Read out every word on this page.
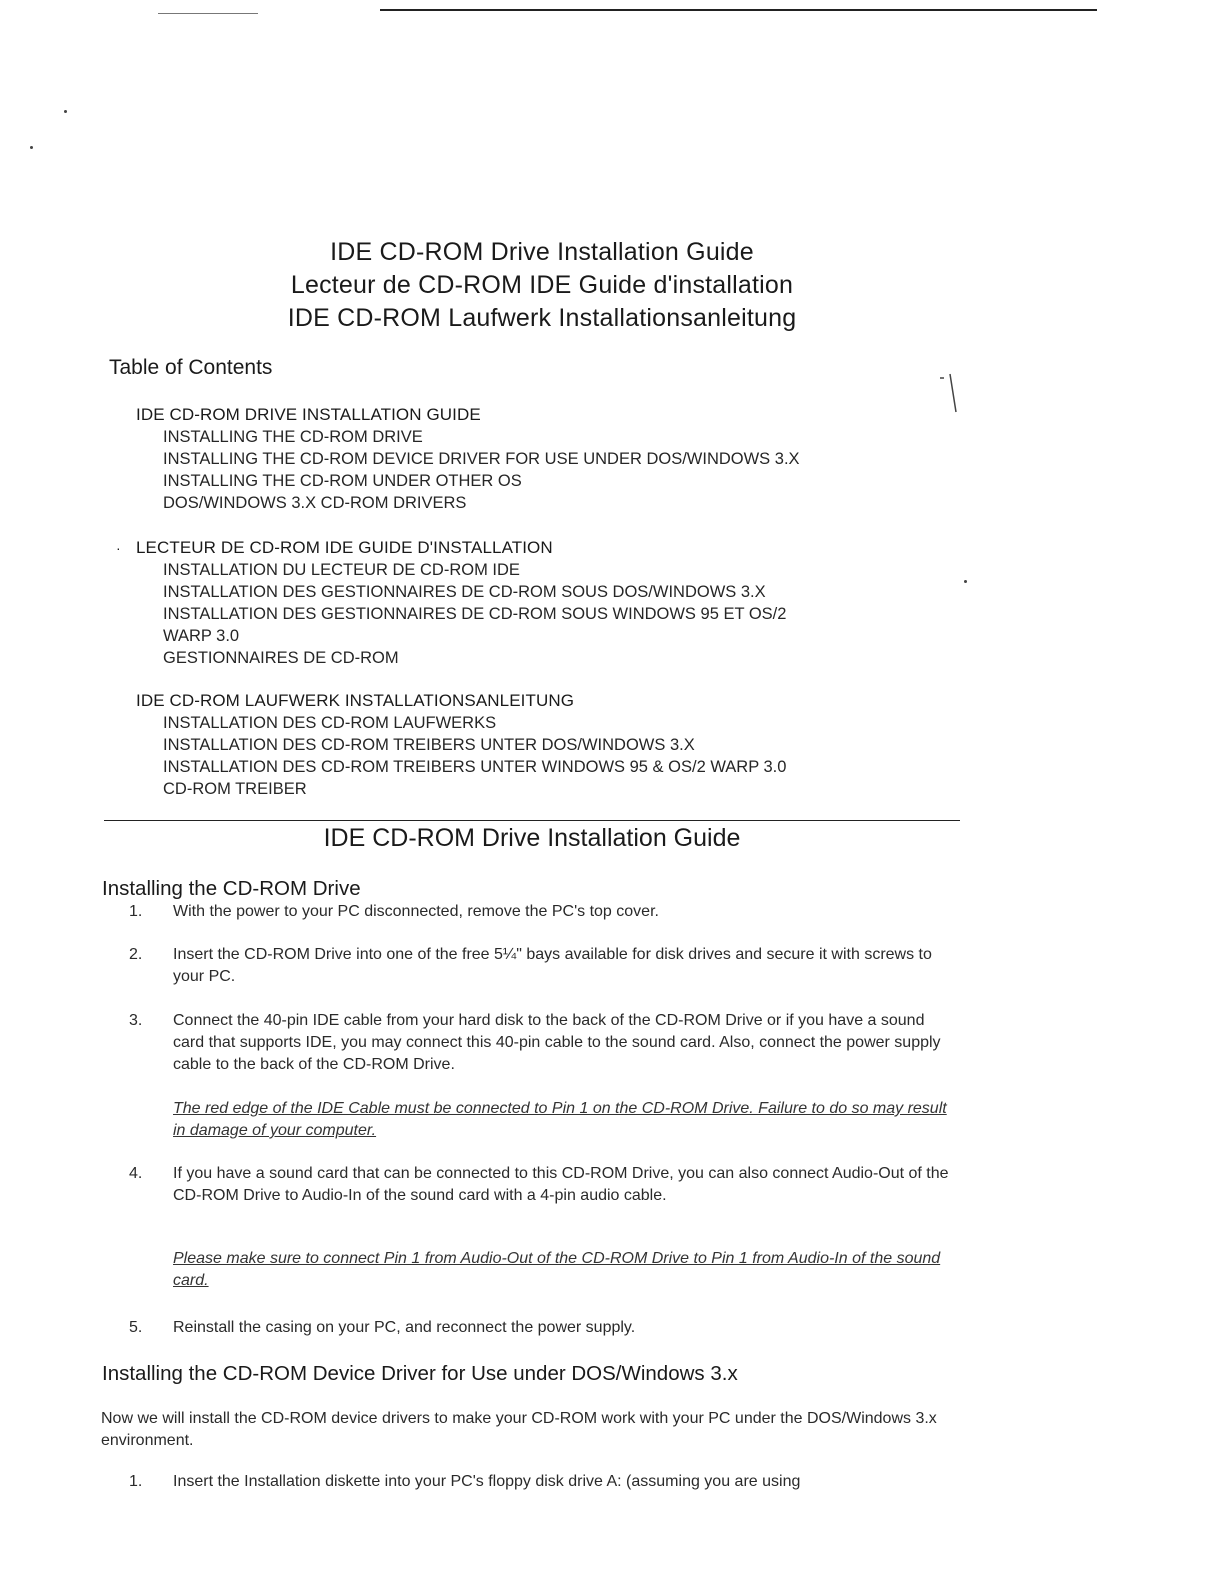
IDE CD-ROM Drive Installation Guide
Lecteur de CD-ROM IDE Guide d'installation
IDE CD-ROM Laufwerk Installationsanleitung
Table of Contents
IDE CD-ROM DRIVE INSTALLATION GUIDE
INSTALLING THE CD-ROM DRIVE
INSTALLING THE CD-ROM DEVICE DRIVER FOR USE UNDER DOS/WINDOWS 3.X
INSTALLING THE CD-ROM UNDER OTHER OS
DOS/WINDOWS 3.X CD-ROM DRIVERS
· LECTEUR DE CD-ROM IDE GUIDE D'INSTALLATION
INSTALLATION DU LECTEUR DE CD-ROM IDE
INSTALLATION DES GESTIONNAIRES DE CD-ROM SOUS DOS/WINDOWS 3.X
INSTALLATION DES GESTIONNAIRES DE CD-ROM SOUS WINDOWS 95 ET OS/2
WARP 3.0
GESTIONNAIRES DE CD-ROM
IDE CD-ROM LAUFWERK INSTALLATIONSANLEITUNG
INSTALLATION DES CD-ROM LAUFWERKS
INSTALLATION DES CD-ROM TREIBERS UNTER DOS/WINDOWS 3.X
INSTALLATION DES CD-ROM TREIBERS UNTER WINDOWS 95 & OS/2 WARP 3.0
CD-ROM TREIBER
IDE CD-ROM Drive Installation Guide
Installing the CD-ROM Drive
1. With the power to your PC disconnected, remove the PC's top cover.
2. Insert the CD-ROM Drive into one of the free 5¼" bays available for disk drives and secure it with screws to your PC.
3. Connect the 40-pin IDE cable from your hard disk to the back of the CD-ROM Drive or if you have a sound card that supports IDE, you may connect this 40-pin cable to the sound card. Also, connect the power supply cable to the back of the CD-ROM Drive.
The red edge of the IDE Cable must be connected to Pin 1 on the CD-ROM Drive. Failure to do so may result in damage of your computer.
4. If you have a sound card that can be connected to this CD-ROM Drive, you can also connect Audio-Out of the CD-ROM Drive to Audio-In of the sound card with a 4-pin audio cable.
Please make sure to connect Pin 1 from Audio-Out of the CD-ROM Drive to Pin 1 from Audio-In of the sound card.
5. Reinstall the casing on your PC, and reconnect the power supply.
Installing the CD-ROM Device Driver for Use under DOS/Windows 3.x
Now we will install the CD-ROM device drivers to make your CD-ROM work with your PC under the DOS/Windows 3.x environment.
1. Insert the Installation diskette into your PC's floppy disk drive A: (assuming you are using
